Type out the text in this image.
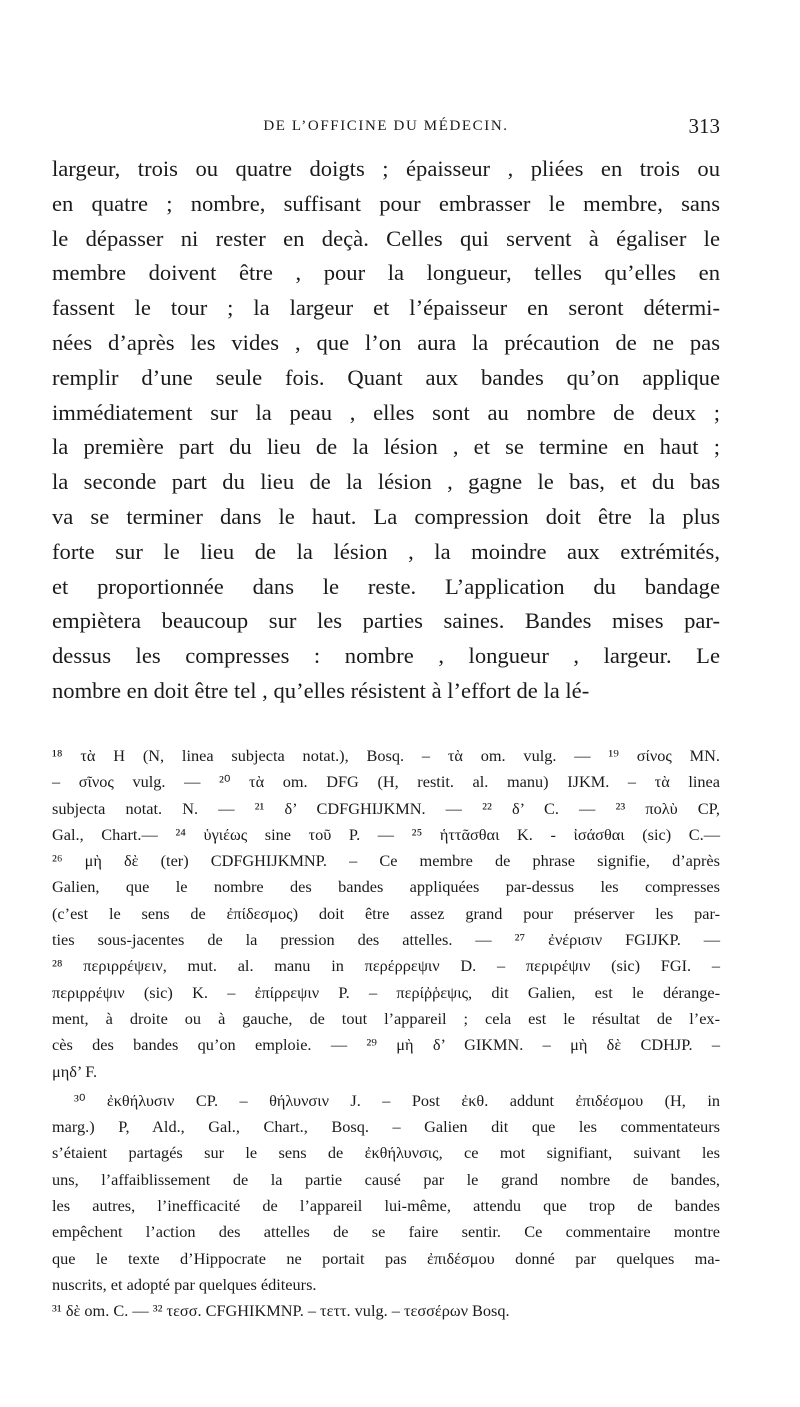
DE L’OFFICINE DU MÉDECIN.	313
largeur, trois ou quatre doigts ; épaisseur , pliées en trois ou
en quatre ; nombre, suffisant pour embrasser le membre, sans
le dépasser ni rester en deçà. Celles qui servent à égaliser le
membre doivent être , pour la longueur, telles qu’elles en
fassent le tour ; la largeur et l’épaisseur en seront détermi-
nées d’après les vides , que l’on aura la précaution de ne pas
remplir d’une seule fois. Quant aux bandes qu’on applique
immédiatement sur la peau , elles sont au nombre de deux ;
la première part du lieu de la lésion , et se termine en haut ;
la seconde part du lieu de la lésion , gagne le bas, et du bas
va se terminer dans le haut. La compression doit être la plus
forte sur le lieu de la lésion , la moindre aux extrémités,
et proportionnée dans le reste. L’application du bandage
empiètera beaucoup sur les parties saines. Bandes mises par-
dessus les compresses : nombre , longueur , largeur. Le
nombre en doit être tel , qu’elles résistent à l’effort de la lé-
¹⁸ τὰ H (N, linea subjecta notat.), Bosq. – τὰ om. vulg. — ¹⁹ σίνος MN.
– σῖνος vulg. — ²⁰ τὰ om. DFG (H, restit. al. manu) IJKM. – τὰ linea
subjecta notat. N. — ²¹ δ’ CDFGHIJKMN. — ²² δ’ C. — ²³ πολὺ CP,
Gal., Chart.— ²⁴ ὑγιέως sine τοῦ P. — ²⁵ ἡττᾶσθαι K. - ἰσάσθαι (sic) C.—
²⁶ μὴ δὲ (ter) CDFGHIJKMNP. – Ce membre de phrase signifie, d’après
Galien, que le nombre des bandes appliquées par-dessus les compresses
(c’est le sens de ἐπίδεσμος) doit être assez grand pour préserver les par-
ties sous-jacentes de la pression des attelles. — ²⁷ ἐνέρισιν FGIJKP. —
²⁸ περιρρέψειν, mut. al. manu in περέρρεψιν D. – περιρέψιν (sic) FGI. –
περιρρέψιν (sic) K. – ἐπίρρεψιν P. – περίῤῥεψις, dit Galien, est le dérange-
ment, à droite ou à gauche, de tout l’appareil ; cela est le résultat de l’ex-
cès des bandes qu’on emploie. — ²⁹ μὴ δ’ GIKMN. – μὴ δὲ CDHJP. –
μηδ’ F.
³⁰ ἐκθήλυσιν CP. – θήλυνσιν J. – Post ἐκθ. addunt ἐπιδέσμου (H, in
marg.) P, Ald., Gal., Chart., Bosq. – Galien dit que les commentateurs
s’étaient partagés sur le sens de ἐκθήλυνσις, ce mot signifiant, suivant les
uns, l’affaiblissement de la partie causé par le grand nombre de bandes,
les autres, l’inefficacité de l’appareil lui-même, attendu que trop de bandes
empêchent l’action des attelles de se faire sentir. Ce commentaire montre
que le texte d’Hippocrate ne portait pas ἐπιδέσμου donné par quelques ma-
nuscrits, et adopté par quelques éditeurs.
³¹ δὲ om. C. — ³² τεσσ. CFGHIKMNP. – τεττ. vulg. – τεσσέρων Bosq.
